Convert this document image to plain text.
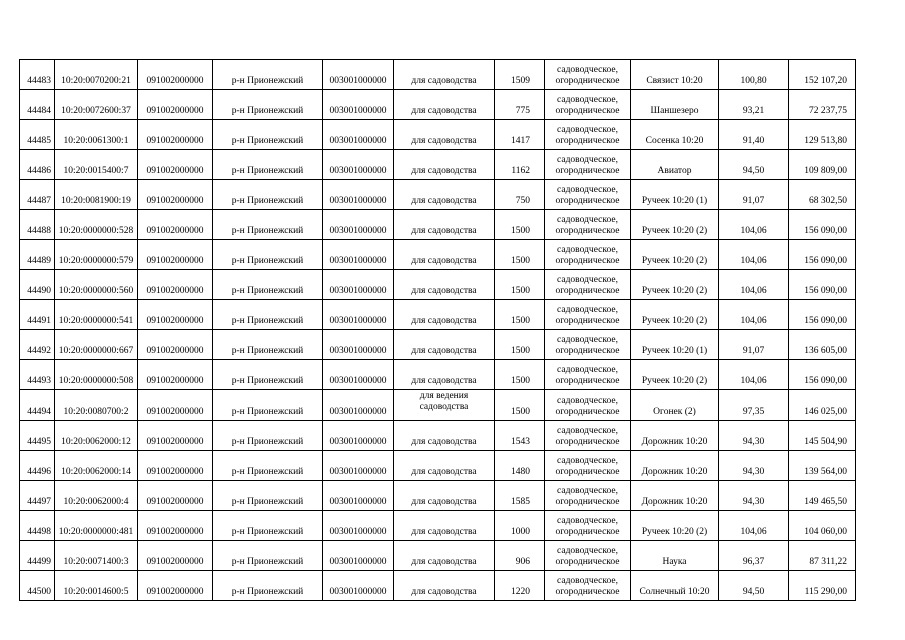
44483	10:20:0070200:21	091002000000	р-н Прионежский	003001000000	для садоводства	1509	садоводческое, огородническое	Связист 10:20	100,80	152 107,20
44484	10:20:0072600:37	091002000000	р-н Прионежский	003001000000	для садоводства	775	садоводческое, огородническое	Шаншезеро	93,21	72 237,75
44485	10:20:0061300:1	091002000000	р-н Прионежский	003001000000	для садоводства	1417	садоводческое, огородническое	Сосенка 10:20	91,40	129 513,80
44486	10:20:0015400:7	091002000000	р-н Прионежский	003001000000	для садоводства	1162	садоводческое, огородническое	Авиатор	94,50	109 809,00
44487	10:20:0081900:19	091002000000	р-н Прионежский	003001000000	для садоводства	750	садоводческое, огородническое	Ручеек 10:20 (1)	91,07	68 302,50
44488	10:20:0000000:528	091002000000	р-н Прионежский	003001000000	для садоводства	1500	садоводческое, огородническое	Ручеек 10:20 (2)	104,06	156 090,00
44489	10:20:0000000:579	091002000000	р-н Прионежский	003001000000	для садоводства	1500	садоводческое, огородническое	Ручеек 10:20 (2)	104,06	156 090,00
44490	10:20:0000000:560	091002000000	р-н Прионежский	003001000000	для садоводства	1500	садоводческое, огородническое	Ручеек 10:20 (2)	104,06	156 090,00
44491	10:20:0000000:541	091002000000	р-н Прионежский	003001000000	для садоводства	1500	садоводческое, огородническое	Ручеек 10:20 (2)	104,06	156 090,00
44492	10:20:0000000:667	091002000000	р-н Прионежский	003001000000	для садоводства	1500	садоводческое, огородническое	Ручеек 10:20 (1)	91,07	136 605,00
44493	10:20:0000000:508	091002000000	р-н Прионежский	003001000000	для садоводства	1500	садоводческое, огородническое	Ручеек 10:20 (2)	104,06	156 090,00
44494	10:20:0080700:2	091002000000	р-н Прионежский	003001000000	для ведения садоводства	1500	садоводческое, огородническое	Огонек (2)	97,35	146 025,00
44495	10:20:0062000:12	091002000000	р-н Прионежский	003001000000	для садоводства	1543	садоводческое, огородническое	Дорожник 10:20	94,30	145 504,90
44496	10:20:0062000:14	091002000000	р-н Прионежский	003001000000	для садоводства	1480	садоводческое, огородническое	Дорожник 10:20	94,30	139 564,00
44497	10:20:0062000:4	091002000000	р-н Прионежский	003001000000	для садоводства	1585	садоводческое, огородническое	Дорожник 10:20	94,30	149 465,50
44498	10:20:0000000:481	091002000000	р-н Прионежский	003001000000	для садоводства	1000	садоводческое, огородническое	Ручеек 10:20 (2)	104,06	104 060,00
44499	10:20:0071400:3	091002000000	р-н Прионежский	003001000000	для садоводства	906	садоводческое, огородническое	Наука	96,37	87 311,22
44500	10:20:0014600:5	091002000000	р-н Прионежский	003001000000	для садоводства	1220	садоводческое, огородническое	Солнечный 10:20	94,50	115 290,00
